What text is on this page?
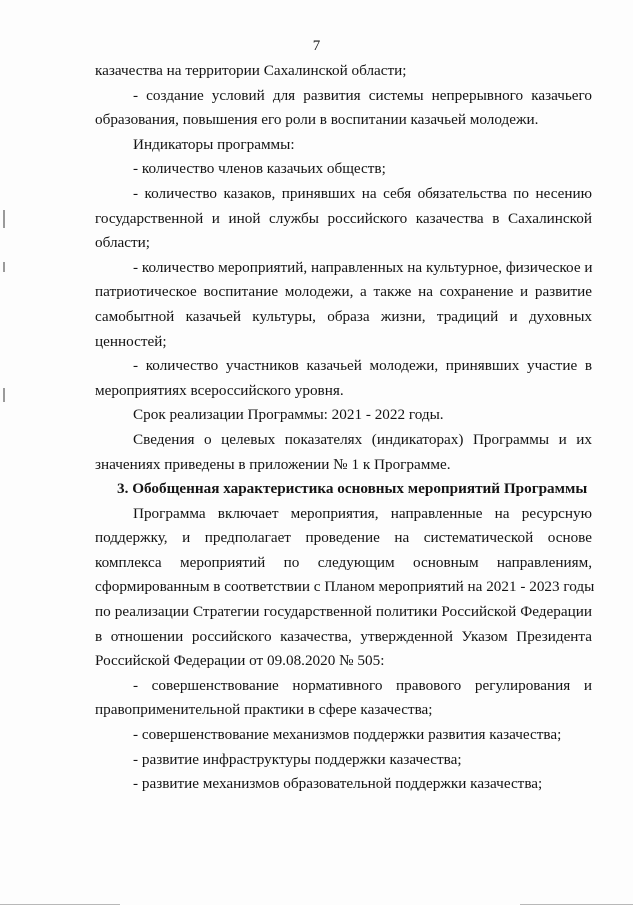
7
казачества на территории Сахалинской области;
- создание условий для развития системы непрерывного казачьего
образования, повышения его роли в воспитании казачьей молодежи.
Индикаторы программы:
- количество членов казачьих обществ;
- количество казаков, принявших на себя обязательства по несению
государственной и иной службы российского казачества в Сахалинской
области;
- количество мероприятий, направленных на культурное, физическое и
патриотическое воспитание молодежи, а также на сохранение и развитие
самобытной казачьей культуры, образа жизни, традиций и духовных
ценностей;
- количество участников казачьей молодежи, принявших участие в
мероприятиях всероссийского уровня.
Срок реализации Программы: 2021 - 2022 годы.
Сведения о целевых показателях (индикаторах) Программы и их
значениях приведены в приложении № 1 к Программе.
3. Обобщенная характеристика основных мероприятий Программы
Программа включает мероприятия, направленные на ресурсную
поддержку, и предполагает проведение на систематической основе
комплекса мероприятий по следующим основным направлениям,
сформированным в соответствии с Планом мероприятий на 2021 - 2023 годы
по реализации Стратегии государственной политики Российской Федерации
в отношении российского казачества, утвержденной Указом Президента
Российской Федерации от 09.08.2020 № 505:
- совершенствование нормативного правового регулирования и
правоприменительной практики в сфере казачества;
- совершенствование механизмов поддержки развития казачества;
- развитие инфраструктуры поддержки казачества;
- развитие механизмов образовательной поддержки казачества;
